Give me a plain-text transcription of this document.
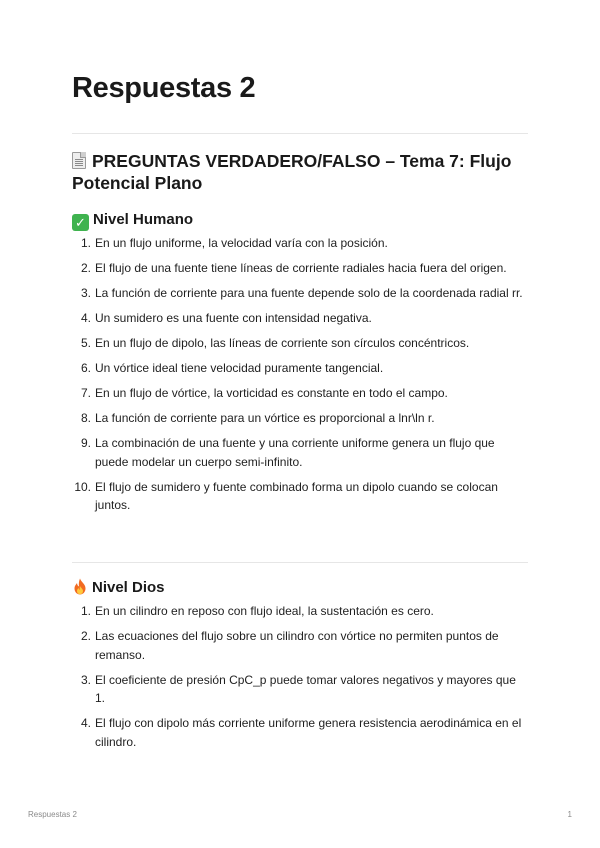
Respuestas 2
PREGUNTAS VERDADERO/FALSO – Tema 7: Flujo Potencial Plano
✓ Nivel Humano
1. En un flujo uniforme, la velocidad varía con la posición.
2. El flujo de una fuente tiene líneas de corriente radiales hacia fuera del origen.
3. La función de corriente para una fuente depende solo de la coordenada radial rr.
4. Un sumidero es una fuente con intensidad negativa.
5. En un flujo de dipolo, las líneas de corriente son círculos concéntricos.
6. Un vórtice ideal tiene velocidad puramente tangencial.
7. En un flujo de vórtice, la vorticidad es constante en todo el campo.
8. La función de corriente para un vórtice es proporcional a lnr\ln r.
9. La combinación de una fuente y una corriente uniforme genera un flujo que puede modelar un cuerpo semi-infinito.
10. El flujo de sumidero y fuente combinado forma un dipolo cuando se colocan juntos.
Nivel Dios
1. En un cilindro en reposo con flujo ideal, la sustentación es cero.
2. Las ecuaciones del flujo sobre un cilindro con vórtice no permiten puntos de remanso.
3. El coeficiente de presión CpC_p puede tomar valores negativos y mayores que 1.
4. El flujo con dipolo más corriente uniforme genera resistencia aerodinámica en el cilindro.
Respuestas 2	1
